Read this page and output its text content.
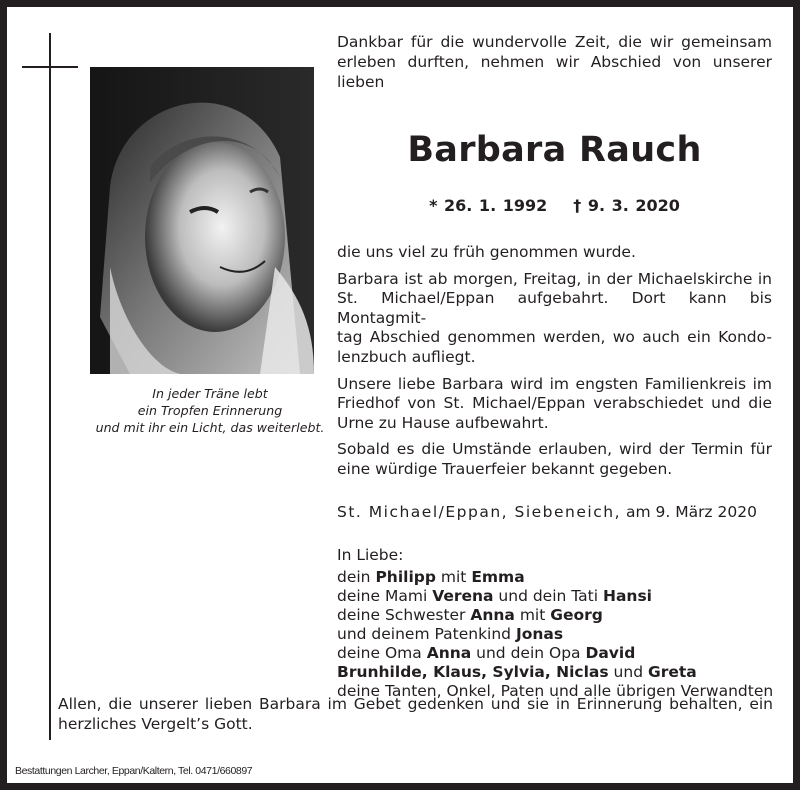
In jeder Träne lebt
ein Tropfen Erinnerung
und mit ihr ein Licht, das weiterlebt.
Dankbar für die wundervolle Zeit, die wir gemeinsam
erleben durften, nehmen wir Abschied von unserer lieben
Barbara Rauch
* 26. 1. 1992 † 9. 3. 2020

die uns viel zu früh genommen wurde.

Barbara ist ab morgen, Freitag, in der Michaelskirche in
St. Michael/Eppan aufgebahrt. Dort kann bis Montagmit-
tag Abschied genommen werden, wo auch ein Kondo-
lenzbuch aufliegt.

Unsere liebe Barbara wird im engsten Familienkreis im
Friedhof von St. Michael/Eppan verabschiedet und die
Urne zu Hause aufbewahrt.

Sobald es die Umstände erlauben, wird der Termin für
eine würdige Trauerfeier bekannt gegeben.

St. Michael/Eppan, Siebeneich, am 9. März 2020
In Liebe:
dein Philipp mit Emma
deine Mami Verena und dein Tati Hansi
deine Schwester Anna mit Georg
und deinem Patenkind Jonas
deine Oma Anna und dein Opa David
Brunhilde, Klaus, Sylvia, Niclas und Greta
deine Tanten, Onkel, Paten und alle übrigen Verwandten
Allen, die unserer lieben Barbara im Gebet gedenken und sie in Erinnerung behalten, ein
herzliches Vergelt’s Gott.
Bestattungen Larcher, Eppan/Kaltern, Tel. 0471/660897
